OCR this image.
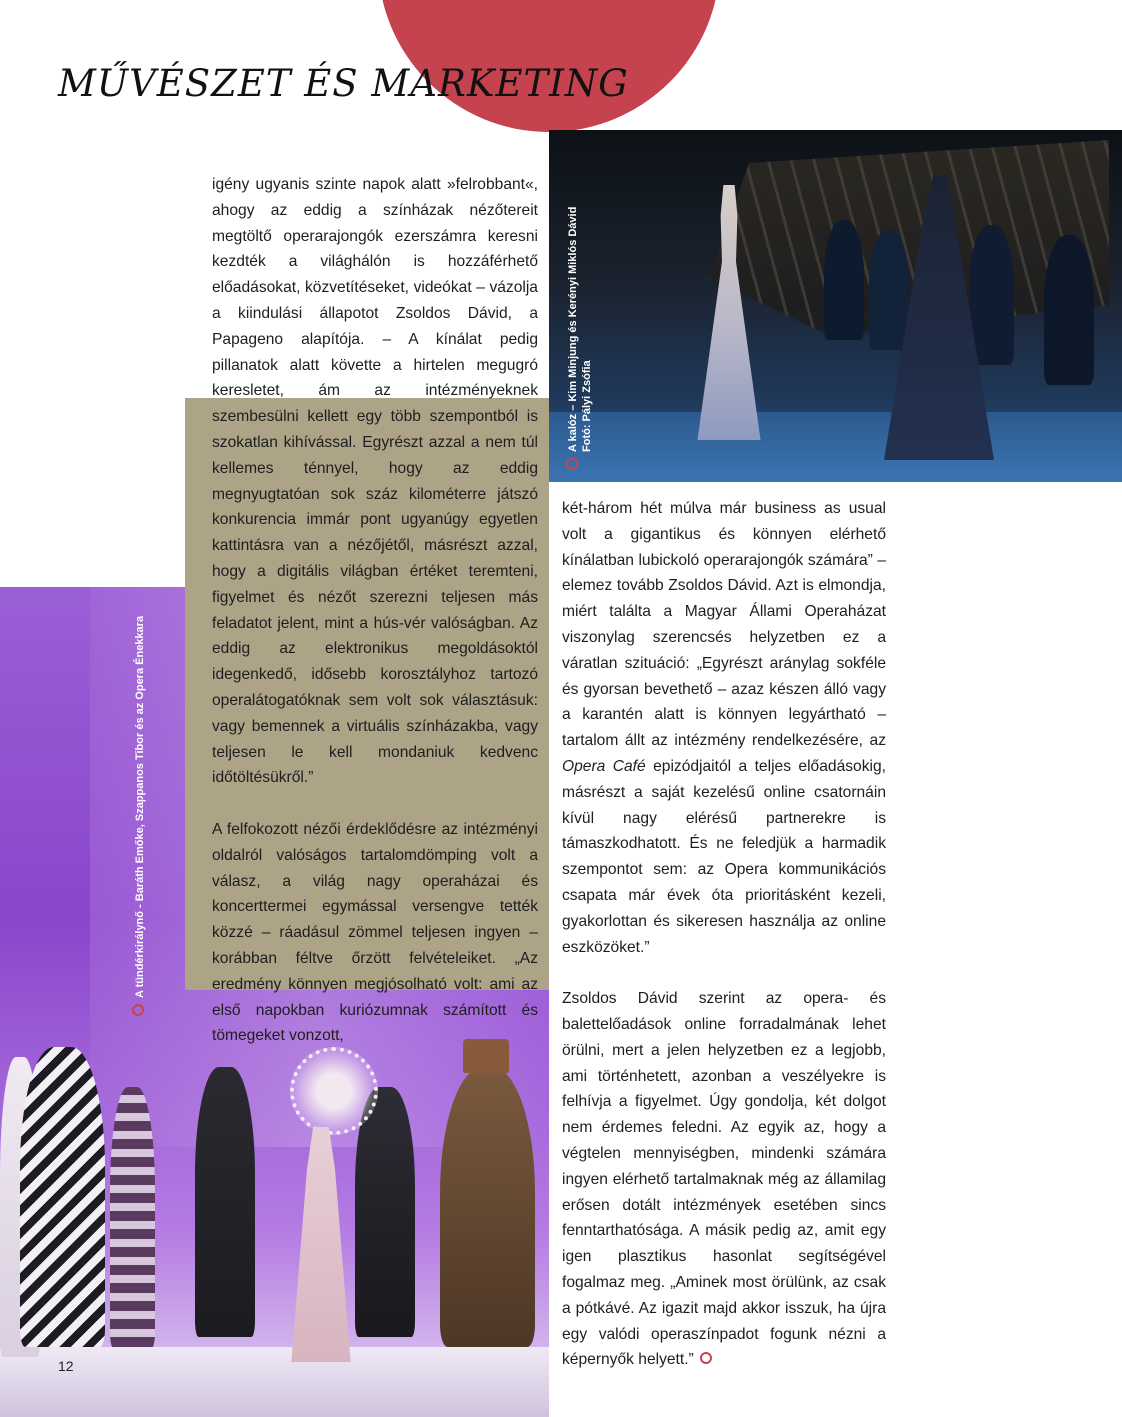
MŰVÉSZET ÉS MARKETING
A kalóz – Kim Minjung és Kerényi Miklós Dávid Fotó: Pályi Zsófia
A tündérkirálynő - Baráth Emőke, Szappanos Tibor és az Opera Énekkara

igény ugyanis szinte napok alatt »felrobbant«, ahogy az eddig a színházak nézőtereit megtöltő operarajongók ezerszámra keresni kezdték a világhálón is hozzáférhető előadásokat, közvetítéseket, videókat – vázolja a kiindulási állapotot Zsoldos Dávid, a Papageno alapítója. – A kínálat pedig pillanatok alatt követte a hirtelen megugró keresletet, ám az intézményeknek szembesülni kellett egy több szempontból is szokatlan kihívással. Egyrészt azzal a nem túl kellemes ténnyel, hogy az eddig megnyugtatóan sok száz kilométerre játszó konkurencia immár pont ugyanúgy egyetlen kattintásra van a nézőjétől, másrészt azzal, hogy a digitális világban értéket teremteni, figyelmet és nézőt szerezni teljesen más feladatot jelent, mint a hús-vér valóságban. Az eddig az elektronikus megoldásoktól idegenkedő, idősebb korosztályhoz tartozó operalátogatóknak sem volt sok választásuk: vagy bemennek a virtuális színházakba, vagy teljesen le kell mondaniuk kedvenc időtöltésükről.”

A felfokozott nézői érdeklődésre az intézményi oldalról valóságos tartalomdömping volt a válasz, a világ nagy operaházai és koncerttermei egymással versengve tették közzé – ráadásul zömmel teljesen ingyen – korábban féltve őrzött felvételeiket. „Az eredmény könnyen megjósolható volt: ami az első napokban kuriózumnak számított és tömegeket vonzott,

két-három hét múlva már business as usual volt a gigantikus és könnyen elérhető kínálatban lubickoló operarajongók számára” – elemez tovább Zsoldos Dávid. Azt is elmondja, miért találta a Magyar Állami Operaházat viszonylag szerencsés helyzetben ez a váratlan szituáció: „Egyrészt aránylag sokféle és gyorsan bevethető – azaz készen álló vagy a karantén alatt is könnyen legyártható – tartalom állt az intézmény rendelkezésére, az Opera Café epizódjaitól a teljes előadásokig, másrészt a saját kezelésű online csatornáin kívül nagy elérésű partnerekre is támaszkodhatott. És ne feledjük a harmadik szempontot sem: az Opera kommunikációs csapata már évek óta prioritásként kezeli, gyakorlottan és sikeresen használja az online eszközöket.”

Zsoldos Dávid szerint az opera- és balettelőadások online forradalmának lehet örülni, mert a jelen helyzetben ez a legjobb, ami történhetett, azonban a veszélyekre is felhívja a figyelmet. Úgy gondolja, két dolgot nem érdemes feledni. Az egyik az, hogy a végtelen mennyiségben, mindenki számára ingyen elérhető tartalmaknak még az államilag erősen dotált intézmények esetében sincs fenntarthatósága. A másik pedig az, amit egy igen plasztikus hasonlat segítségével fogalmaz meg. „Aminek most örülünk, az csak a pótkávé. Az igazit majd akkor isszuk, ha újra egy valódi operaszínpadot fogunk nézni a képernyők helyett.”

12
